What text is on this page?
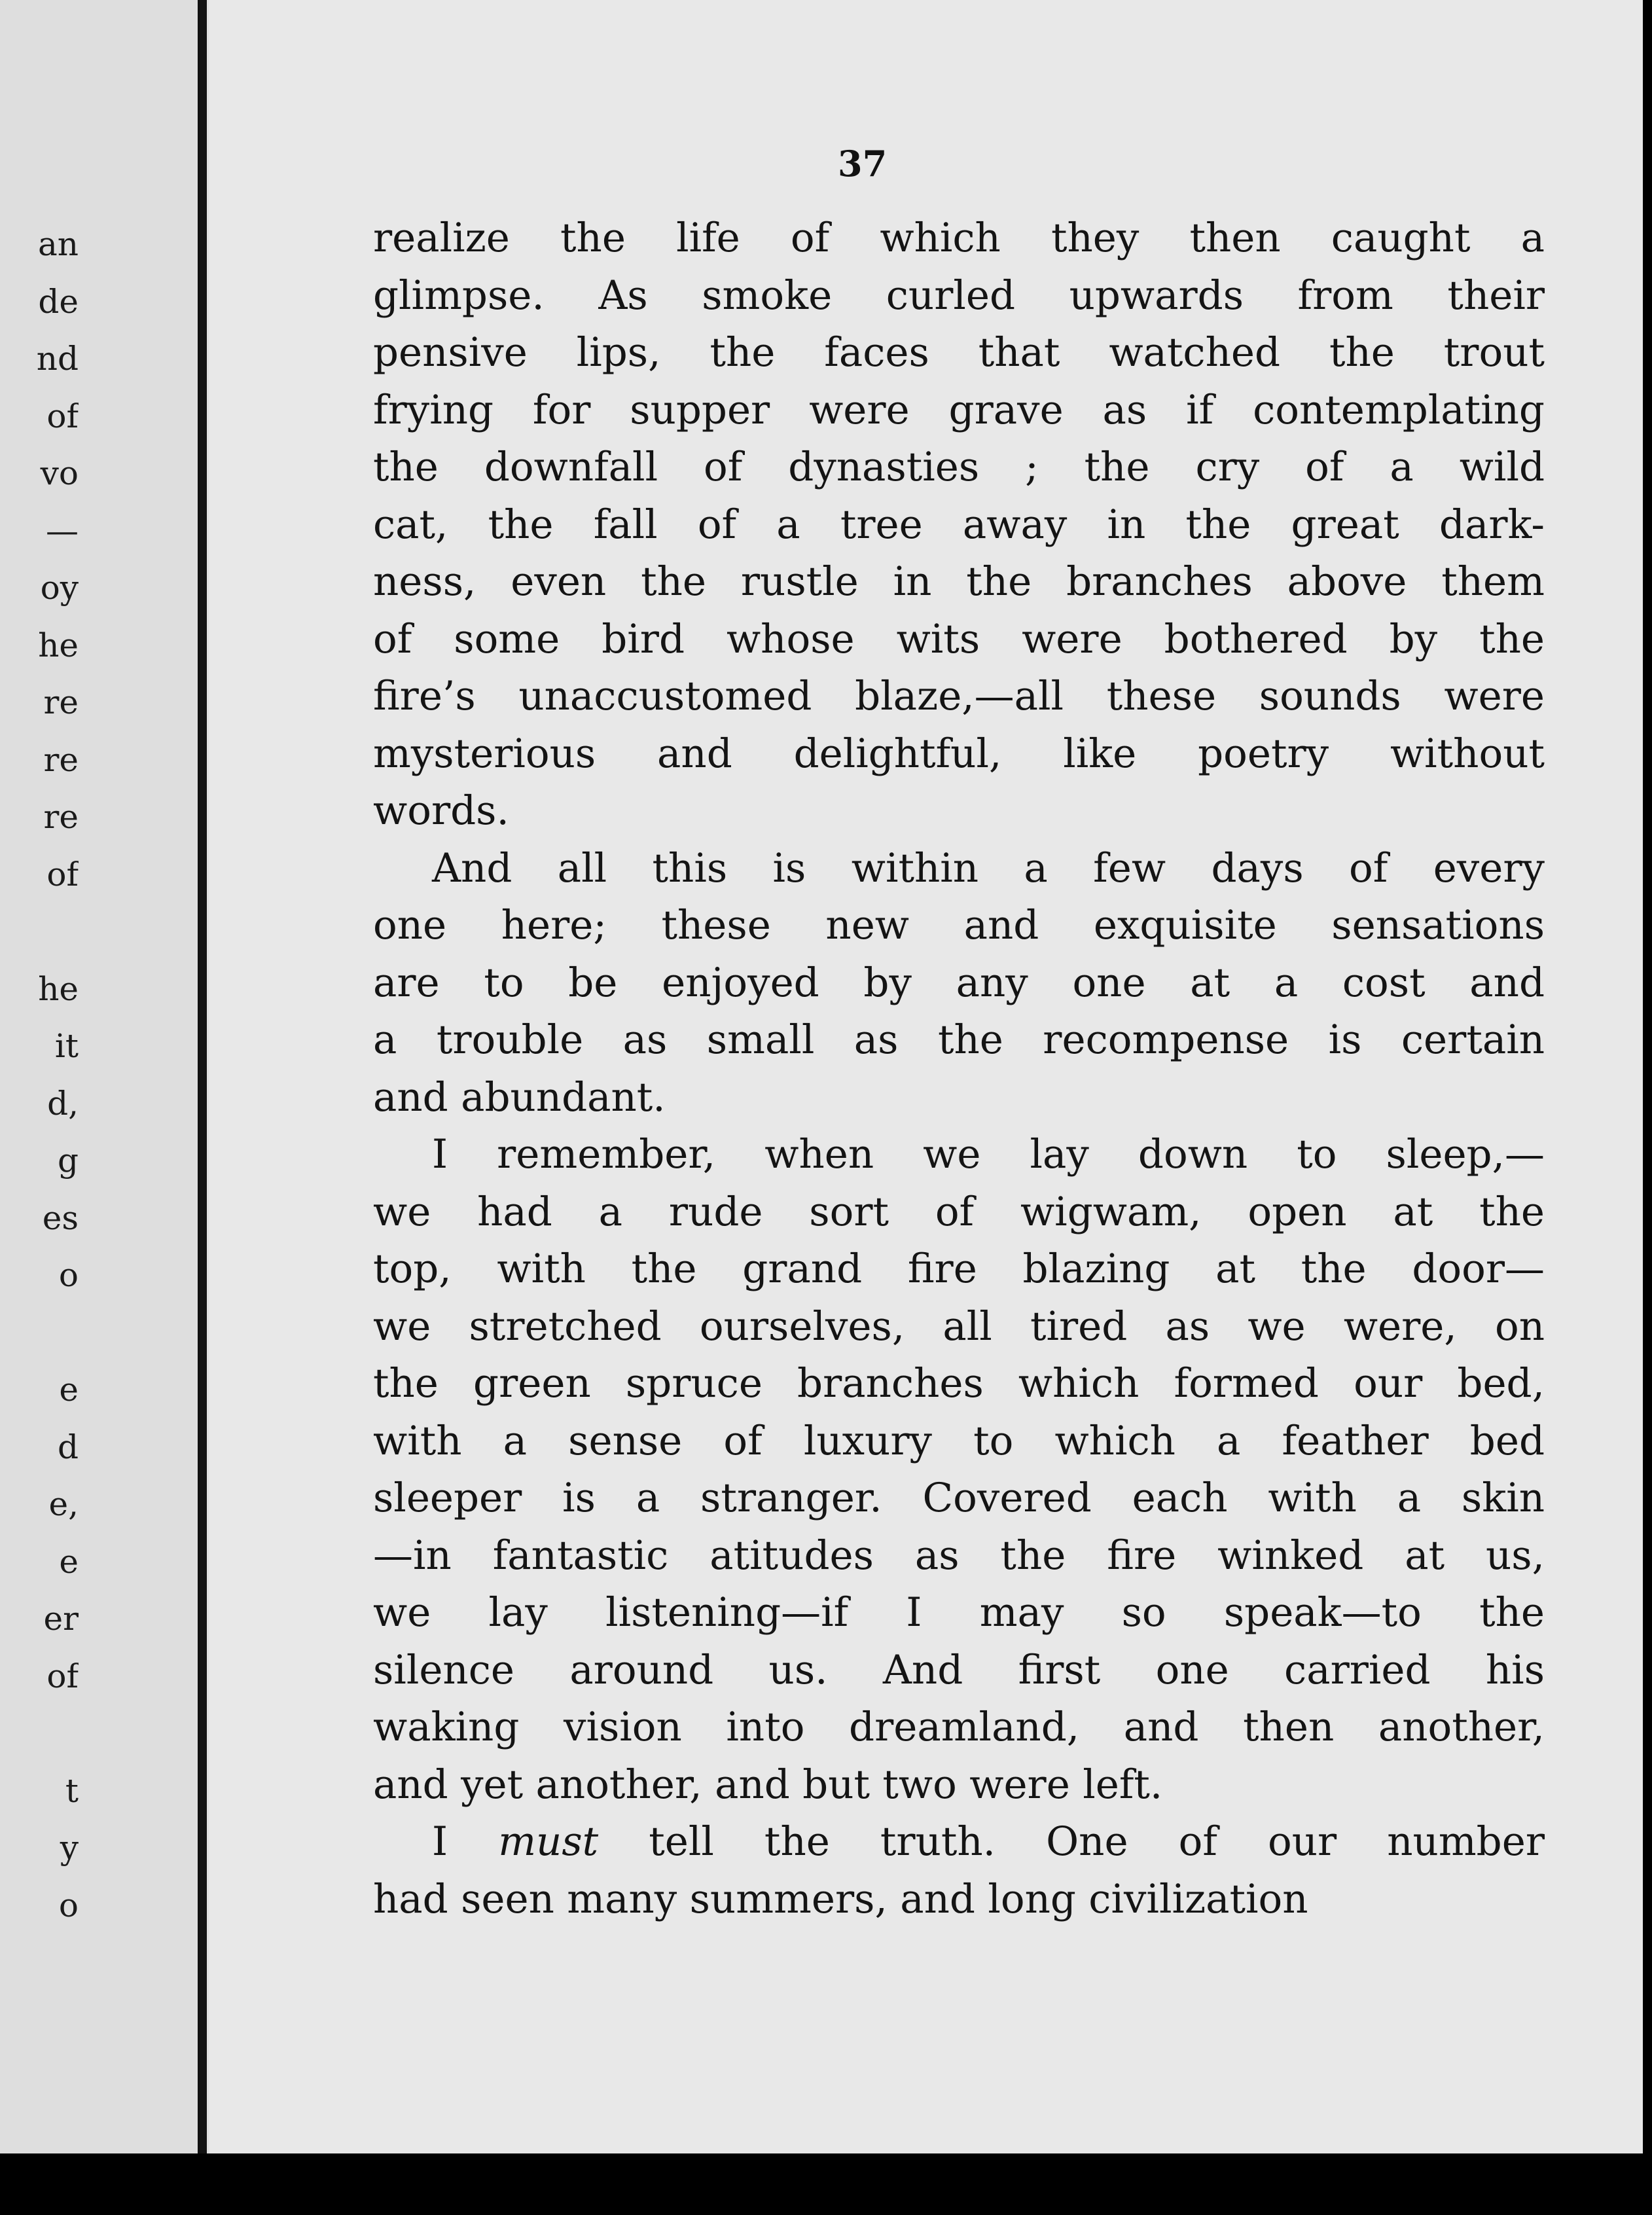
an
de
nd
of
vo
—
oy
he
re
re
re
of
he
it
d,
g
es
o
e
d
e,
e
er
of
t
y
o
37
realize the life of which they then caught a
glimpse. As smoke curled upwards from their
pensive lips, the faces that watched the trout
frying for supper were grave as if contemplating
the downfall of dynasties ; the cry of a wild
cat, the fall of a tree away in the great dark-
ness, even the rustle in the branches above them
of some bird whose wits were bothered by the
fire’s unaccustomed blaze,—all these sounds were
mysterious and delightful, like poetry without
words.
And all this is within a few days of every
one here; these new and exquisite sensations
are to be enjoyed by any one at a cost and
a trouble as small as the recompense is certain
and abundant.
I remember, when we lay down to sleep,—
we had a rude sort of wigwam, open at the
top, with the grand fire blazing at the door—
we stretched ourselves, all tired as we were, on
the green spruce branches which formed our bed,
with a sense of luxury to which a feather bed
sleeper is a stranger. Covered each with a skin
—in fantastic atitudes as the fire winked at us,
we lay listening—if I may so speak—to the
silence around us. And first one carried his
waking vision into dreamland, and then another,
and yet another, and but two were left.
I must tell the truth. One of our number
had seen many summers, and long civilization
